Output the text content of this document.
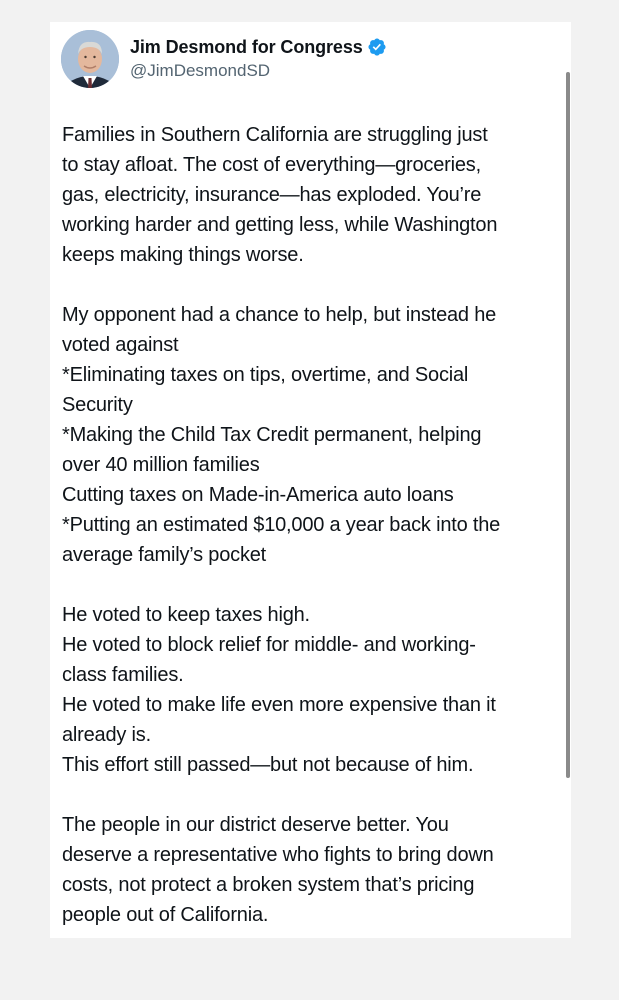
Jim Desmond for Congress
@JimDesmondSD
Families in Southern California are struggling just
to stay afloat. The cost of everything—groceries,
gas, electricity, insurance—has exploded. You’re
working harder and getting less, while Washington
keeps making things worse.
My opponent had a chance to help, but instead he
voted against
*Eliminating taxes on tips, overtime, and Social
Security
*Making the Child Tax Credit permanent, helping
over 40 million families
Cutting taxes on Made-in-America auto loans
*Putting an estimated $10,000 a year back into the
average family’s pocket
He voted to keep taxes high.
He voted to block relief for middle- and working-
class families.
He voted to make life even more expensive than it
already is.
This effort still passed—but not because of him.
The people in our district deserve better. You
deserve a representative who fights to bring down
costs, not protect a broken system that’s pricing
people out of California.
